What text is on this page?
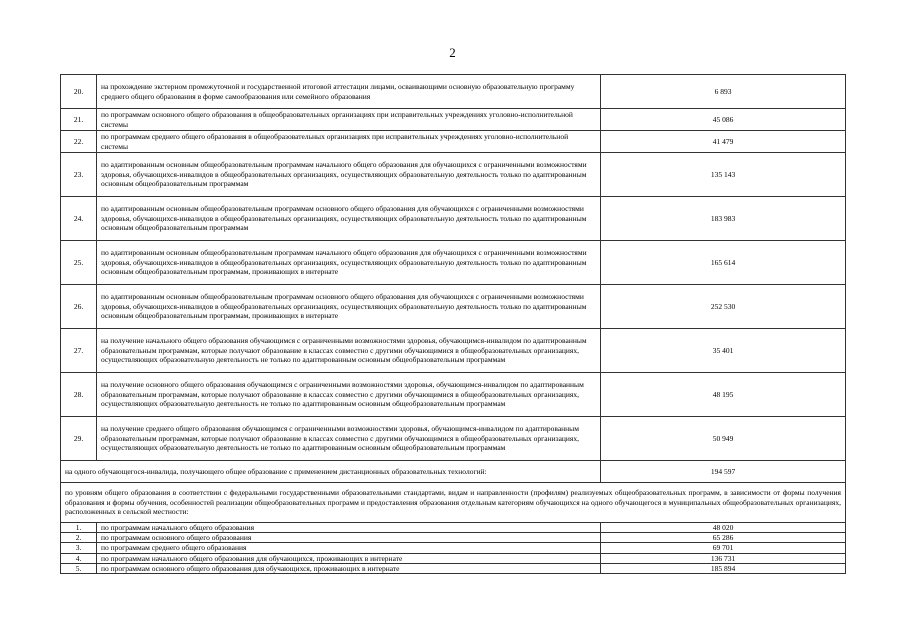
2
20.	на прохождение экстерном промежуточной и государственной итоговой аттестации лицами, осваивающими основную образовательную программу среднего общего образования в форме самообразования или семейного образования	6 893
21.	по программам основного общего образования в общеобразовательных организациях при исправительных учреждениях уголовно-исполнительной системы	45 086
22.	по программам среднего общего образования в общеобразовательных организациях при исправительных учреждениях уголовно-исполнительной системы	41 479
23.	по адаптированным основным общеобразовательным программам начального общего образования для обучающихся с ограниченными возможностями здоровья, обучающихся-инвалидов в общеобразовательных организациях, осуществляющих образовательную деятельность только по адаптированным основным общеобразовательным программам	135 143
24.	по адаптированным основным общеобразовательным программам основного общего образования для обучающихся с ограниченными возможностями здоровья, обучающихся-инвалидов в общеобразовательных организациях, осуществляющих образовательную деятельность только по адаптированным основным общеобразовательным программам	183 983
25.	по адаптированным основным общеобразовательным программам начального общего образования для обучающихся с ограниченными возможностями здоровья, обучающихся-инвалидов в общеобразовательных организациях, осуществляющих образовательную деятельность только по адаптированным основным общеобразовательным программам, проживающих в интернате	165 614
26.	по адаптированным основным общеобразовательным программам основного общего образования для обучающихся с ограниченными возможностями здоровья, обучающихся-инвалидов в общеобразовательных организациях, осуществляющих образовательную деятельность только по адаптированным основным общеобразовательным программам, проживающих в интернате	252 530
27.	на получение начального общего образования обучающимся с ограниченными возможностями здоровья, обучающимся-инвалидом по адаптированным образовательным программам, которые получают образование в классах совместно с другими обучающимися в общеобразовательных организациях, осуществляющих образовательную деятельность не только по адаптированным основным общеобразовательным программам	35 401
28.	на получение основного общего образования обучающимся с ограниченными возможностями здоровья, обучающимся-инвалидом по адаптированным образовательным программам, которые получают образование в классах совместно с другими обучающимися в общеобразовательных организациях, осуществляющих образовательную деятельность не только по адаптированным основным общеобразовательным программам	48 195
29.	на получение среднего общего образования обучающимся с ограниченными возможностями здоровья, обучающимся-инвалидом по адаптированным образовательным программам, которые получают образование в классах совместно с другими обучающимися в общеобразовательных организациях, осуществляющих образовательную деятельность не только по адаптированным основным общеобразовательным программам	50 949
на одного обучающегося-инвалида, получающего общее образование с применением дистанционных образовательных технологий:		194 597
по уровням общего образования в соответствии с федеральными государственными образовательными стандартами, видам и направленности (профилям) реализуемых общеобразовательных программ, в зависимости от формы получения образования и формы обучения, особенностей реализации общеобразовательных программ и предоставления образования отдельным категориям обучающихся на одного обучающегося в муниципальных общеобразовательных организациях, расположенных в сельской местности:		
1.	по программам начального общего образования	48 020
2.	по программам основного общего образования	65 286
3.	по программам среднего общего образования	69 701
4.	по программам начального общего образования для обучающихся, проживающих в интернате	136 731
5.	по программам основного общего образования для обучающихся, проживающих в интернате	185 894
